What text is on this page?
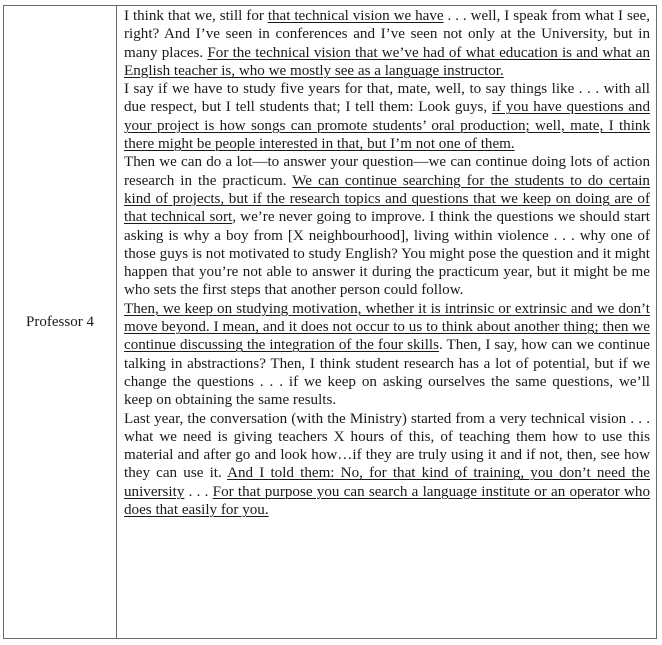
Professor 4

I think that we, still for that technical vision we have . . . well, I speak from what I see, right? And I’ve seen in conferences and I’ve seen not only at the University, but in many places. For the technical vision that we’ve had of what education is and what an English teacher is, who we mostly see as a language instructor.

I say if we have to study five years for that, mate, well, to say things like . . . with all due respect, but I tell students that; I tell them: Look guys, if you have questions and your project is how songs can promote students’ oral production; well, mate, I think there might be people interested in that, but I’m not one of them.

Then we can do a lot—to answer your question—we can continue doing lots of action research in the practicum. We can continue searching for the students to do certain kind of projects, but if the research topics and questions that we keep on doing are of that technical sort, we’re never going to improve. I think the questions we should start asking is why a boy from [X neighbourhood], living within violence . . . why one of those guys is not motivated to study English? You might pose the question and it might happen that you’re not able to answer it during the practicum year, but it might be me who sets the first steps that another person could follow.

Then, we keep on studying motivation, whether it is intrinsic or extrinsic and we don’t move beyond. I mean, and it does not occur to us to think about another thing; then we continue discussing the integration of the four skills. Then, I say, how can we continue talking in abstractions? Then, I think student research has a lot of potential, but if we change the questions . . . if we keep on asking ourselves the same questions, we’ll keep on obtaining the same results.

Last year, the conversation (with the Ministry) started from a very technical vision . . . what we need is giving teachers X hours of this, of teaching them how to use this material and after go and look how…if they are truly using it and if not, then, see how they can use it. And I told them: No, for that kind of training, you don’t need the university . . . For that purpose you can search a language institute or an operator who does that easily for you.
